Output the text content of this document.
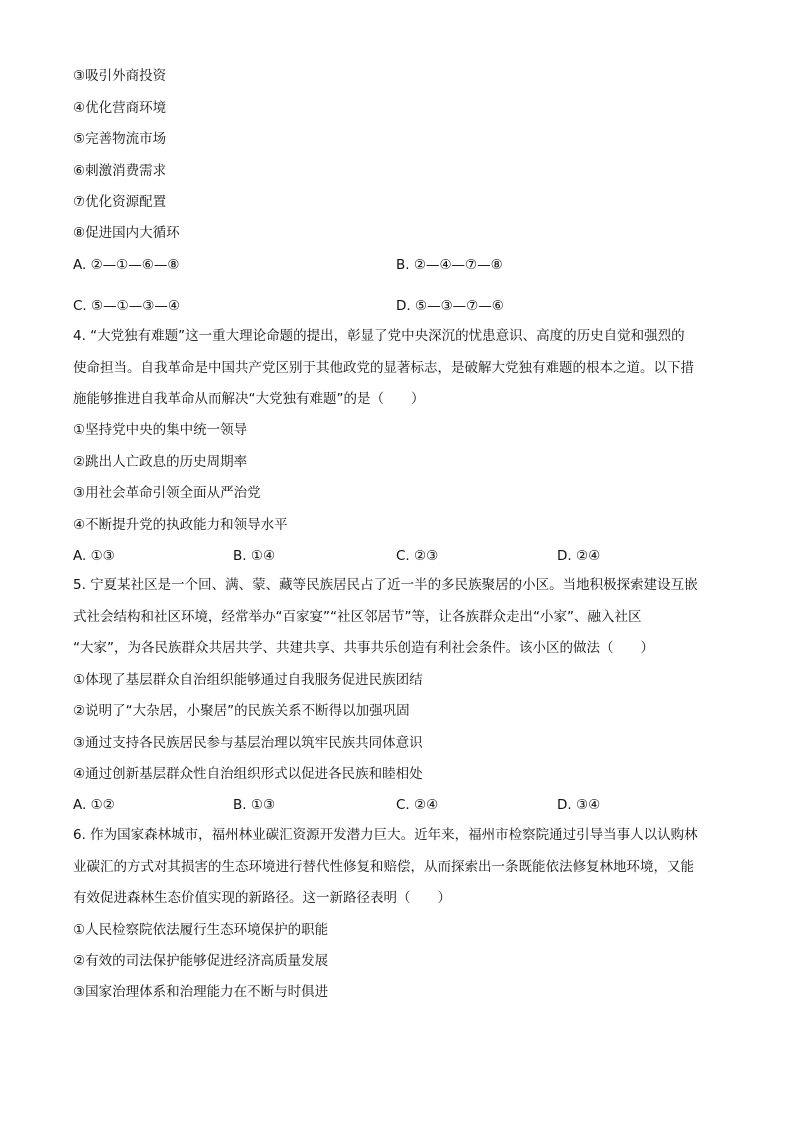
③吸引外商投资
④优化营商环境
⑤完善物流市场
⑥刺激消费需求
⑦优化资源配置
⑧促进国内大循环
A. ②—①—⑥—⑧	B. ②—④—⑦—⑧
C. ⑤—①—③—④	D. ⑤—③—⑦—⑥
4. “大党独有难题”这一重大理论命题的提出，彰显了党中央深沉的忧患意识、高度的历史自觉和强烈的
使命担当。自我革命是中国共产党区别于其他政党的显著标志，是破解大党独有难题的根本之道。以下措
施能够推进自我革命从而解决“大党独有难题”的是（　　）
①坚持党中央的集中统一领导
②跳出人亡政息的历史周期率
③用社会革命引领全面从严治党
④不断提升党的执政能力和领导水平
A. ①③	B. ①④	C. ②③	D. ②④
5. 宁夏某社区是一个回、满、蒙、藏等民族居民占了近一半的多民族聚居的小区。当地积极探索建设互嵌
式社会结构和社区环境，经常举办“百家宴”“社区邻居节”等，让各族群众走出“小家”、融入社区
“大家”，为各民族群众共居共学、共建共享、共事共乐创造有利社会条件。该小区的做法（　　）
①体现了基层群众自治组织能够通过自我服务促进民族团结
②说明了“大杂居，小聚居”的民族关系不断得以加强巩固
③通过支持各民族居民参与基层治理以筑牢民族共同体意识
④通过创新基层群众性自治组织形式以促进各民族和睦相处
A. ①②	B. ①③	C. ②④	D. ③④
6. 作为国家森林城市，福州林业碳汇资源开发潜力巨大。近年来，福州市检察院通过引导当事人以认购林
业碳汇的方式对其损害的生态环境进行替代性修复和赔偿，从而探索出一条既能依法修复林地环境，又能
有效促进森林生态价值实现的新路径。这一新路径表明（　　）
①人民检察院依法履行生态环境保护的职能
②有效的司法保护能够促进经济高质量发展
③国家治理体系和治理能力在不断与时俱进
